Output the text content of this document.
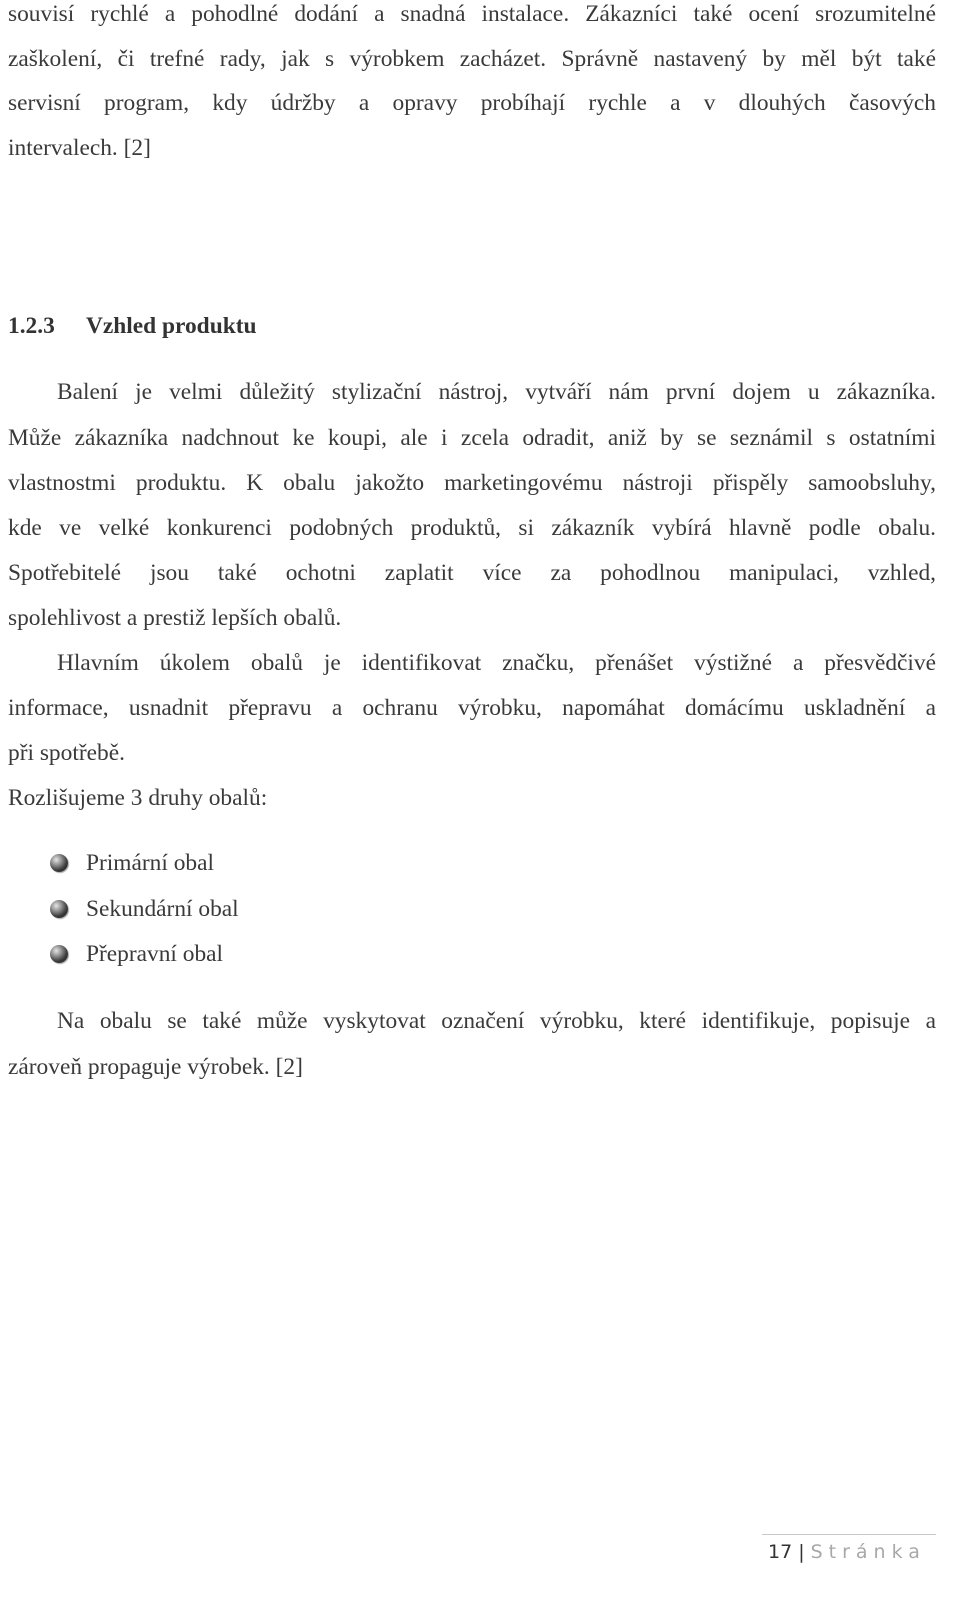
souvisí rychlé a pohodlné dodání a snadná instalace. Zákazníci také ocení srozumitelné
zaškolení, či trefné rady, jak s výrobkem zacházet. Správně nastavený by měl být také
servisní program, kdy údržby a opravy probíhají rychle a v dlouhých časových
intervalech. [2]
1.2.3 Vzhled produktu
Balení je velmi důležitý stylizační nástroj, vytváří nám první dojem u zákazníka.
Může zákazníka nadchnout ke koupi, ale i zcela odradit, aniž by se seznámil s ostatními
vlastnostmi produktu. K obalu jakožto marketingovému nástroji přispěly samoobsluhy,
kde ve velké konkurenci podobných produktů, si zákazník vybírá hlavně podle obalu.
Spotřebitelé jsou také ochotni zaplatit více za pohodlnou manipulaci, vzhled,
spolehlivost a prestiž lepších obalů.
Hlavním úkolem obalů je identifikovat značku, přenášet výstižné a přesvědčivé
informace, usnadnit přepravu a ochranu výrobku, napomáhat domácímu uskladnění a
při spotřebě.
Rozlišujeme 3 druhy obalů:
Primární obal
Sekundární obal
Přepravní obal
Na obalu se také může vyskytovat označení výrobku, které identifikuje, popisuje a
zároveň propaguje výrobek. [2]
17 | Stránka
